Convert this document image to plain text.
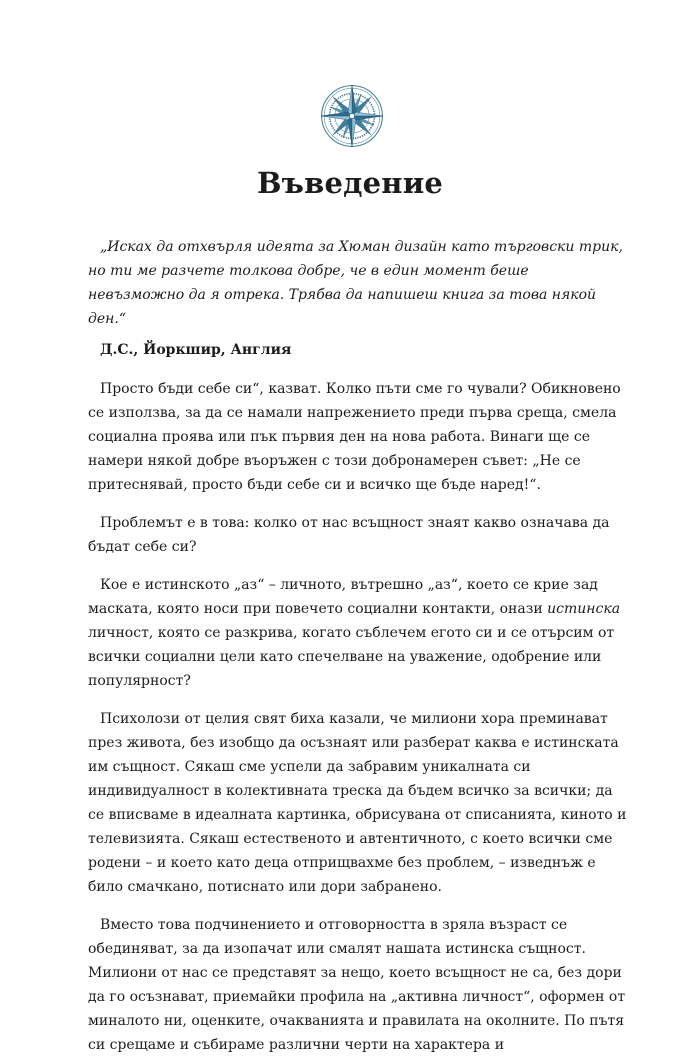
Въведение

„Исках да отхвърля идеята за Хюман дизайн като търговски трик, но ти ме разчете толкова добре, че в един момент беше невъзможно да я отрека. Трябва да напишеш книга за това някой ден.“

Д.С., Йоркшир, Англия

Просто бъди себе си“, казват. Колко пъти сме го чували? Обикновено се използва, за да се намали напрежението преди първа среща, смела социална проява или пък първия ден на нова работа. Винаги ще се намери някой добре въоръжен с този добронамерен съвет: „Не се притеснявай, просто бъди себе си и всичко ще бъде наред!“.

Проблемът е в това: колко от нас всъщност знаят какво означава да бъдат себе си?

Кое е истинското „аз“ – личното, вътрешно „аз“, което се крие зад маската, която носи при повечето социални контакти, онази истинска личност, която се разкрива, когато съблечем егото си и се отърсим от всички социални цели като спечелване на уважение, одобрение или популярност?

Психолози от целия свят биха казали, че милиони хора преминават през живота, без изобщо да осъзнаят или разберат каква е истинската им същност. Сякаш сме успели да забравим уникалната си индивидуалност в колективната треска да бъдем всичко за всички; да се вписваме в идеалната картинка, обрисувана от списанията, киното и телевизията. Сякаш естественото и автентичното, с което всички сме родени – и което като деца отприщвахме без проблем, – изведнъж е било смачкано, потиснато или дори забранено.

Вместо това подчинението и отговорността в зряла възраст се обединяват, за да изопачат или смалят нашата истинска същност. Милиони от нас се представят за нещо, което всъщност не са, без дори да го осъзнават, приемайки профила на „активна личност“, оформен от миналото ни, оценките, очакванията и правилата на околните. По пътя си срещаме и събираме различни черти на характера и
